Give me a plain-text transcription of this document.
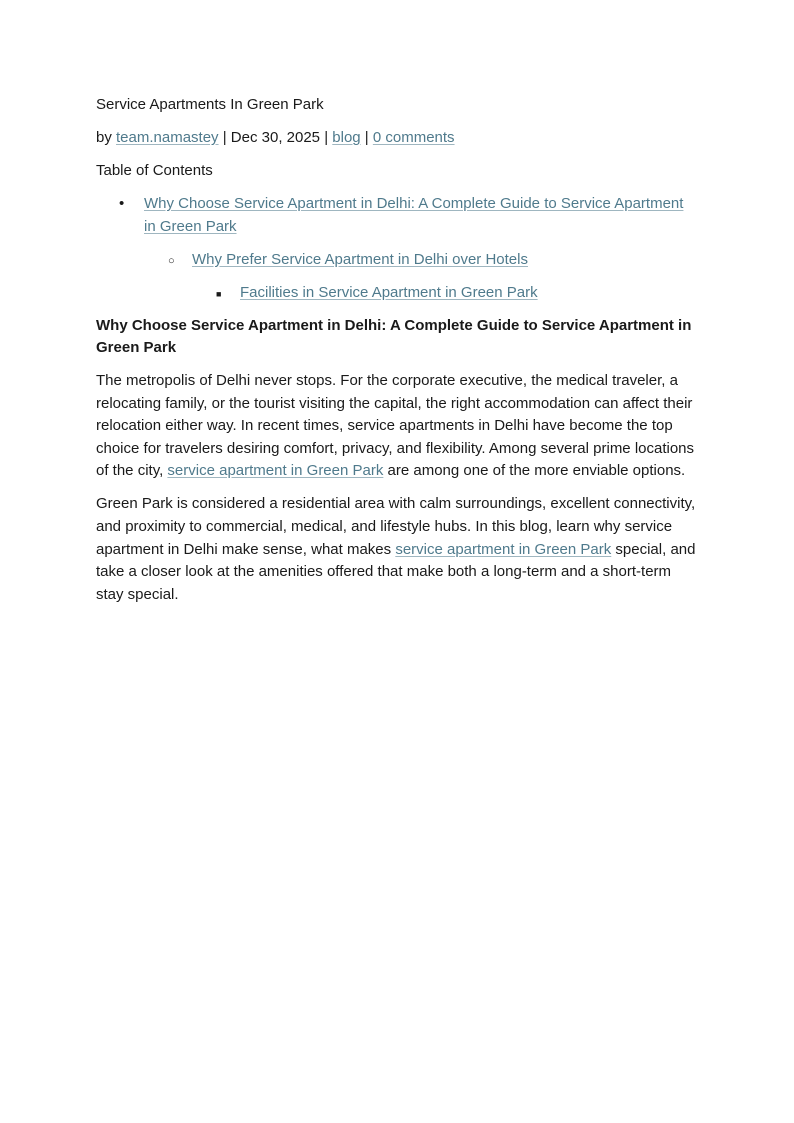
Service Apartments In Green Park
by team.namastey | Dec 30, 2025 | blog | 0 comments
Table of Contents
• Why Choose Service Apartment in Delhi: A Complete Guide to Service Apartment in Green Park
○ Why Prefer Service Apartment in Delhi over Hotels
■ Facilities in Service Apartment in Green Park
Why Choose Service Apartment in Delhi: A Complete Guide to Service Apartment in Green Park

The metropolis of Delhi never stops. For the corporate executive, the medical traveler, a relocating family, or the tourist visiting the capital, the right accommodation can affect their relocation either way. In recent times, service apartments in Delhi have become the top choice for travelers desiring comfort, privacy, and flexibility. Among several prime locations of the city, service apartment in Green Park are among one of the more enviable options.

Green Park is considered a residential area with calm surroundings, excellent connectivity, and proximity to commercial, medical, and lifestyle hubs. In this blog, learn why service apartment in Delhi make sense, what makes service apartment in Green Park special, and take a closer look at the amenities offered that make both a long-term and a short-term stay special.
